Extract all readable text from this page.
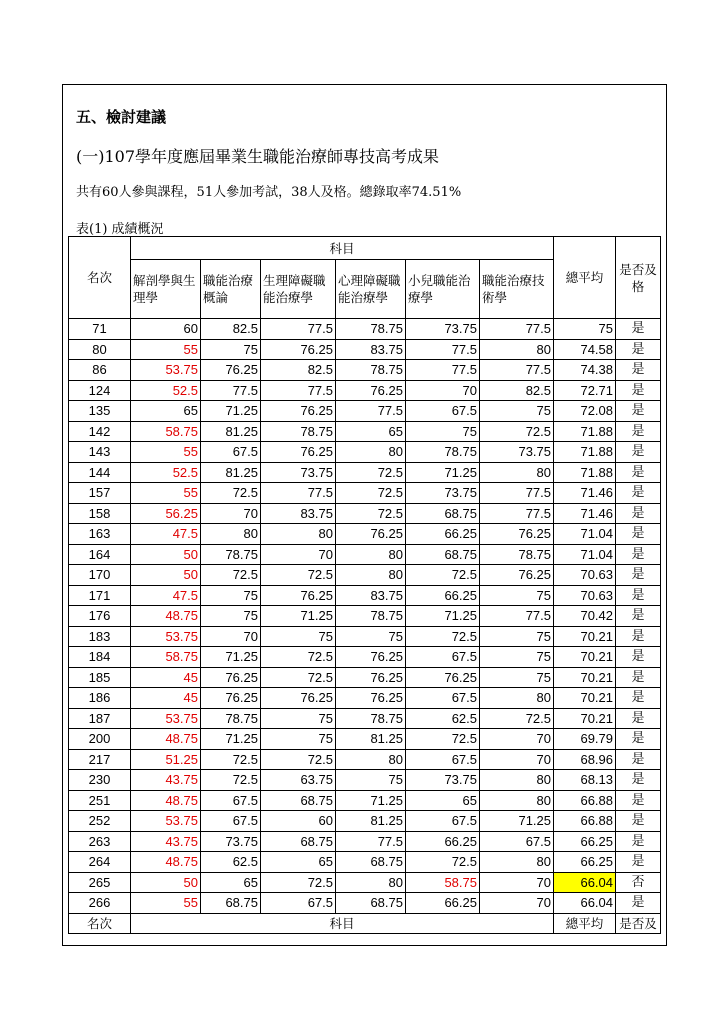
五、檢討建議
(一)107學年度應屆畢業生職能治療師專技高考成果
共有60人參與課程，51人參加考試，38人及格。總錄取率74.51%
表(1) 成績概況
名次	科目						總平均	是否及格
	解剖學與生理學	職能治療概論	生理障礙職能治療學	心理障礙職能治療學	小兒職能治療學	職能治療技術學		
71	60	82.5	77.5	78.75	73.75	77.5	75	是
80	55	75	76.25	83.75	77.5	80	74.58	是
86	53.75	76.25	82.5	78.75	77.5	77.5	74.38	是
124	52.5	77.5	77.5	76.25	70	82.5	72.71	是
135	65	71.25	76.25	77.5	67.5	75	72.08	是
142	58.75	81.25	78.75	65	75	72.5	71.88	是
143	55	67.5	76.25	80	78.75	73.75	71.88	是
144	52.5	81.25	73.75	72.5	71.25	80	71.88	是
157	55	72.5	77.5	72.5	73.75	77.5	71.46	是
158	56.25	70	83.75	72.5	68.75	77.5	71.46	是
163	47.5	80	80	76.25	66.25	76.25	71.04	是
164	50	78.75	70	80	68.75	78.75	71.04	是
170	50	72.5	72.5	80	72.5	76.25	70.63	是
171	47.5	75	76.25	83.75	66.25	75	70.63	是
176	48.75	75	71.25	78.75	71.25	77.5	70.42	是
183	53.75	70	75	75	72.5	75	70.21	是
184	58.75	71.25	72.5	76.25	67.5	75	70.21	是
185	45	76.25	72.5	76.25	76.25	75	70.21	是
186	45	76.25	76.25	76.25	67.5	80	70.21	是
187	53.75	78.75	75	78.75	62.5	72.5	70.21	是
200	48.75	71.25	75	81.25	72.5	70	69.79	是
217	51.25	72.5	72.5	80	67.5	70	68.96	是
230	43.75	72.5	63.75	75	73.75	80	68.13	是
251	48.75	67.5	68.75	71.25	65	80	66.88	是
252	53.75	67.5	60	81.25	67.5	71.25	66.88	是
263	43.75	73.75	68.75	77.5	66.25	67.5	66.25	是
264	48.75	62.5	65	68.75	72.5	80	66.25	是
265	50	65	72.5	80	58.75	70	66.04	否
266	55	68.75	67.5	68.75	66.25	70	66.04	是
名次	科目						總平均	是否及
